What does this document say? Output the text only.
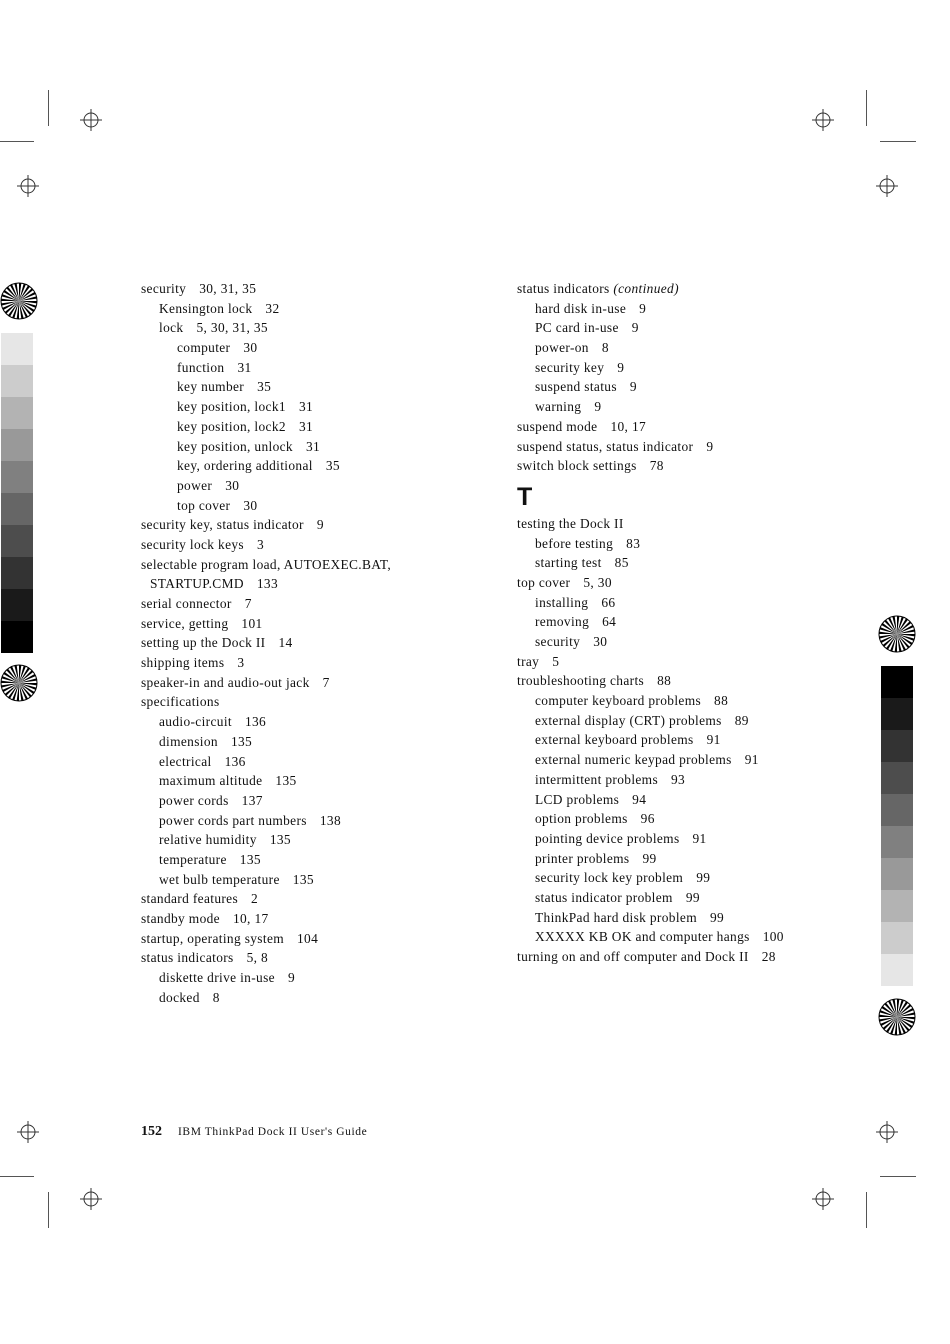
security 30, 31, 35
Kensington lock 32
lock 5, 30, 31, 35
computer 30
function 31
key number 35
key position, lock1 31
key position, lock2 31
key position, unlock 31
key, ordering additional 35
power 30
top cover 30
security key, status indicator 9
security lock keys 3
selectable program load, AUTOEXEC.BAT,
STARTUP.CMD 133
serial connector 7
service, getting 101
setting up the Dock II 14
shipping items 3
speaker-in and audio-out jack 7
specifications
audio-circuit 136
dimension 135
electrical 136
maximum altitude 135
power cords 137
power cords part numbers 138
relative humidity 135
temperature 135
wet bulb temperature 135
standard features 2
standby mode 10, 17
startup, operating system 104
status indicators 5, 8
diskette drive in-use 9
docked 8
status indicators (continued)
hard disk in-use 9
PC card in-use 9
power-on 8
security key 9
suspend status 9
warning 9
suspend mode 10, 17
suspend status, status indicator 9
switch block settings 78
T
testing the Dock II
before testing 83
starting test 85
top cover 5, 30
installing 66
removing 64
security 30
tray 5
troubleshooting charts 88
computer keyboard problems 88
external display (CRT) problems 89
external keyboard problems 91
external numeric keypad problems 91
intermittent problems 93
LCD problems 94
option problems 96
pointing device problems 91
printer problems 99
security lock key problem 99
status indicator problem 99
ThinkPad hard disk problem 99
XXXXX KB OK and computer hangs 100
turning on and off computer and Dock II 28
152 IBM ThinkPad Dock II User's Guide
